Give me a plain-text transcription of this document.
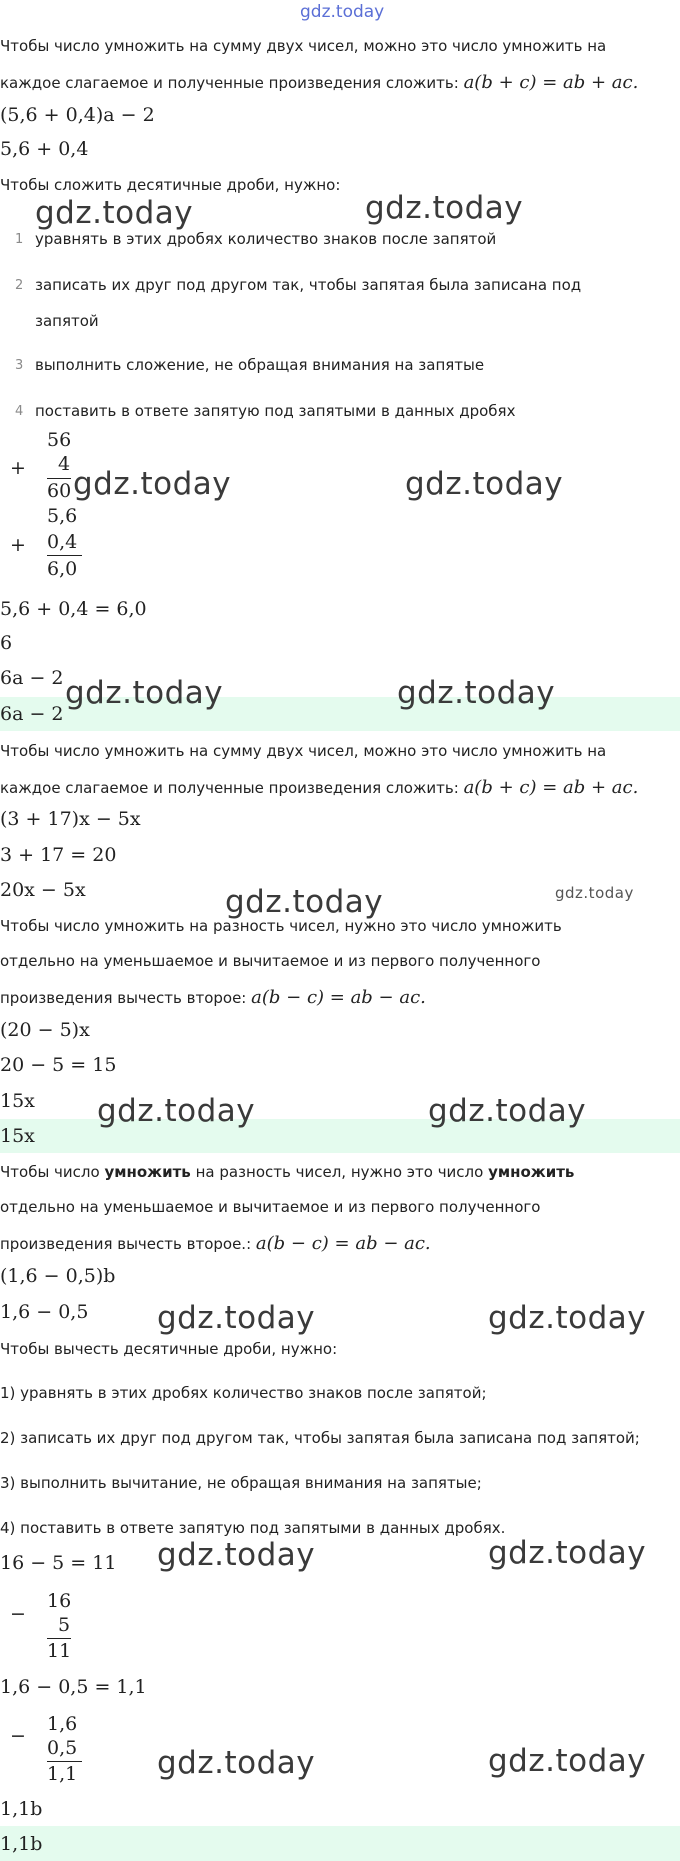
gdz.today
Чтобы число умножить на сумму двух чисел, можно это число умножить на
каждое слагаемое и полученные произведения сложить: a(b + c) = ab + ac.
(5,6 + 0,4)a − 2
5,6 + 0,4
Чтобы сложить десятичные дроби, нужно:
1 уравнять в этих дробях количество знаков после запятой
2 записать их друг под другом так, чтобы запятая была записана под
запятой
3 выполнить сложение, не обращая внимания на запятые
4 поставить в ответе запятую под запятыми в данных дробях
56
+ 4
60
5,6
+ 0,4
6,0
5,6 + 0,4 = 6,0
6
6a − 2
6a − 2
Чтобы число умножить на сумму двух чисел, можно это число умножить на
каждое слагаемое и полученные произведения сложить: a(b + c) = ab + ac.
(3 + 17)x − 5x
3 + 17 = 20
20x − 5x
Чтобы число умножить на разность чисел, нужно это число умножить
отдельно на уменьшаемое и вычитаемое и из первого полученного
произведения вычесть второе: a(b − c) = ab − ac.
(20 − 5)x
20 − 5 = 15
15x
15x
Чтобы число умножить на разность чисел, нужно это число умножить
отдельно на уменьшаемое и вычитаемое и из первого полученного
произведения вычесть второе.: a(b − c) = ab − ac.
(1,6 − 0,5)b
1,6 − 0,5
Чтобы вычесть десятичные дроби, нужно:
1) уравнять в этих дробях количество знаков после запятой;
2) записать их друг под другом так, чтобы запятая была записана под запятой;
3) выполнить вычитание, не обращая внимания на запятые;
4) поставить в ответе запятую под запятыми в данных дробях.
16 − 5 = 11
16
− 5
11
1,6 − 0,5 = 1,1
1,6
−
0,5
1,1
1,1b
1,1b
gdz.today	gdz.today
gdz.today	gdz.today
gdz.today	gdz.today
gdz.today	gdz.today
gdz.today	gdz.today
gdz.today	gdz.today
gdz.today	gdz.today
gdz.today	gdz.today
